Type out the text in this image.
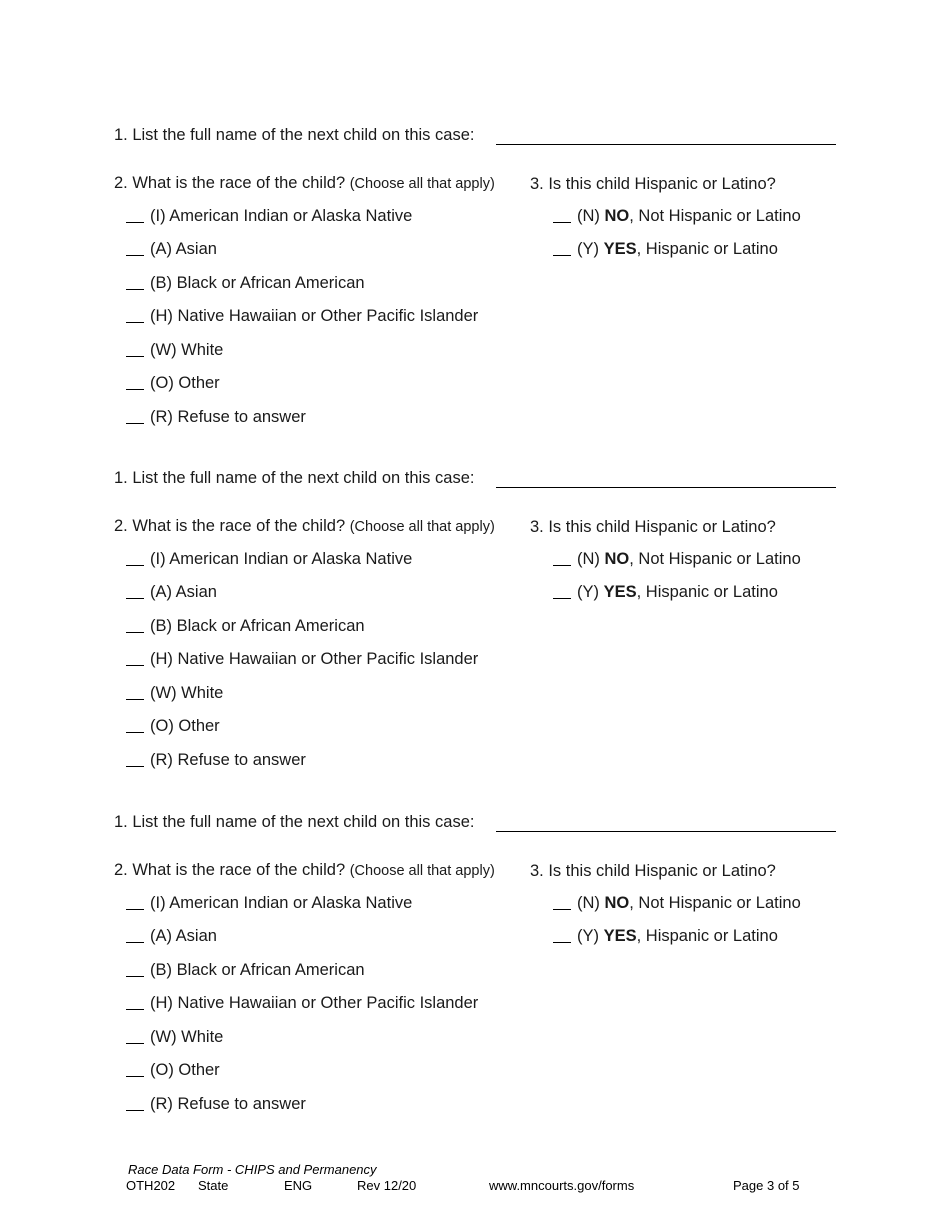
1. List the full name of the next child on this case:
2. What is the race of the child? (Choose all that apply) 3. Is this child Hispanic or Latino?
(I) American Indian or Alaska Native
(A) Asian
(B) Black or African American
(H) Native Hawaiian or Other Pacific Islander
(W) White
(O) Other
(R) Refuse to answer
(N) NO, Not Hispanic or Latino
(Y) YES, Hispanic or Latino
1. List the full name of the next child on this case:
2. What is the race of the child? (Choose all that apply) 3. Is this child Hispanic or Latino?
(I) American Indian or Alaska Native
(A) Asian
(B) Black or African American
(H) Native Hawaiian or Other Pacific Islander
(W) White
(O) Other
(R) Refuse to answer
(N) NO, Not Hispanic or Latino
(Y) YES, Hispanic or Latino
1. List the full name of the next child on this case:
2. What is the race of the child? (Choose all that apply) 3. Is this child Hispanic or Latino?
(I) American Indian or Alaska Native
(A) Asian
(B) Black or African American
(H) Native Hawaiian or Other Pacific Islander
(W) White
(O) Other
(R) Refuse to answer
(N) NO, Not Hispanic or Latino
(Y) YES, Hispanic or Latino
Race Data Form - CHIPS and Permanency
OTH202 State	ENG	Rev 12/20	www.mncourts.gov/forms	Page 3 of 5
